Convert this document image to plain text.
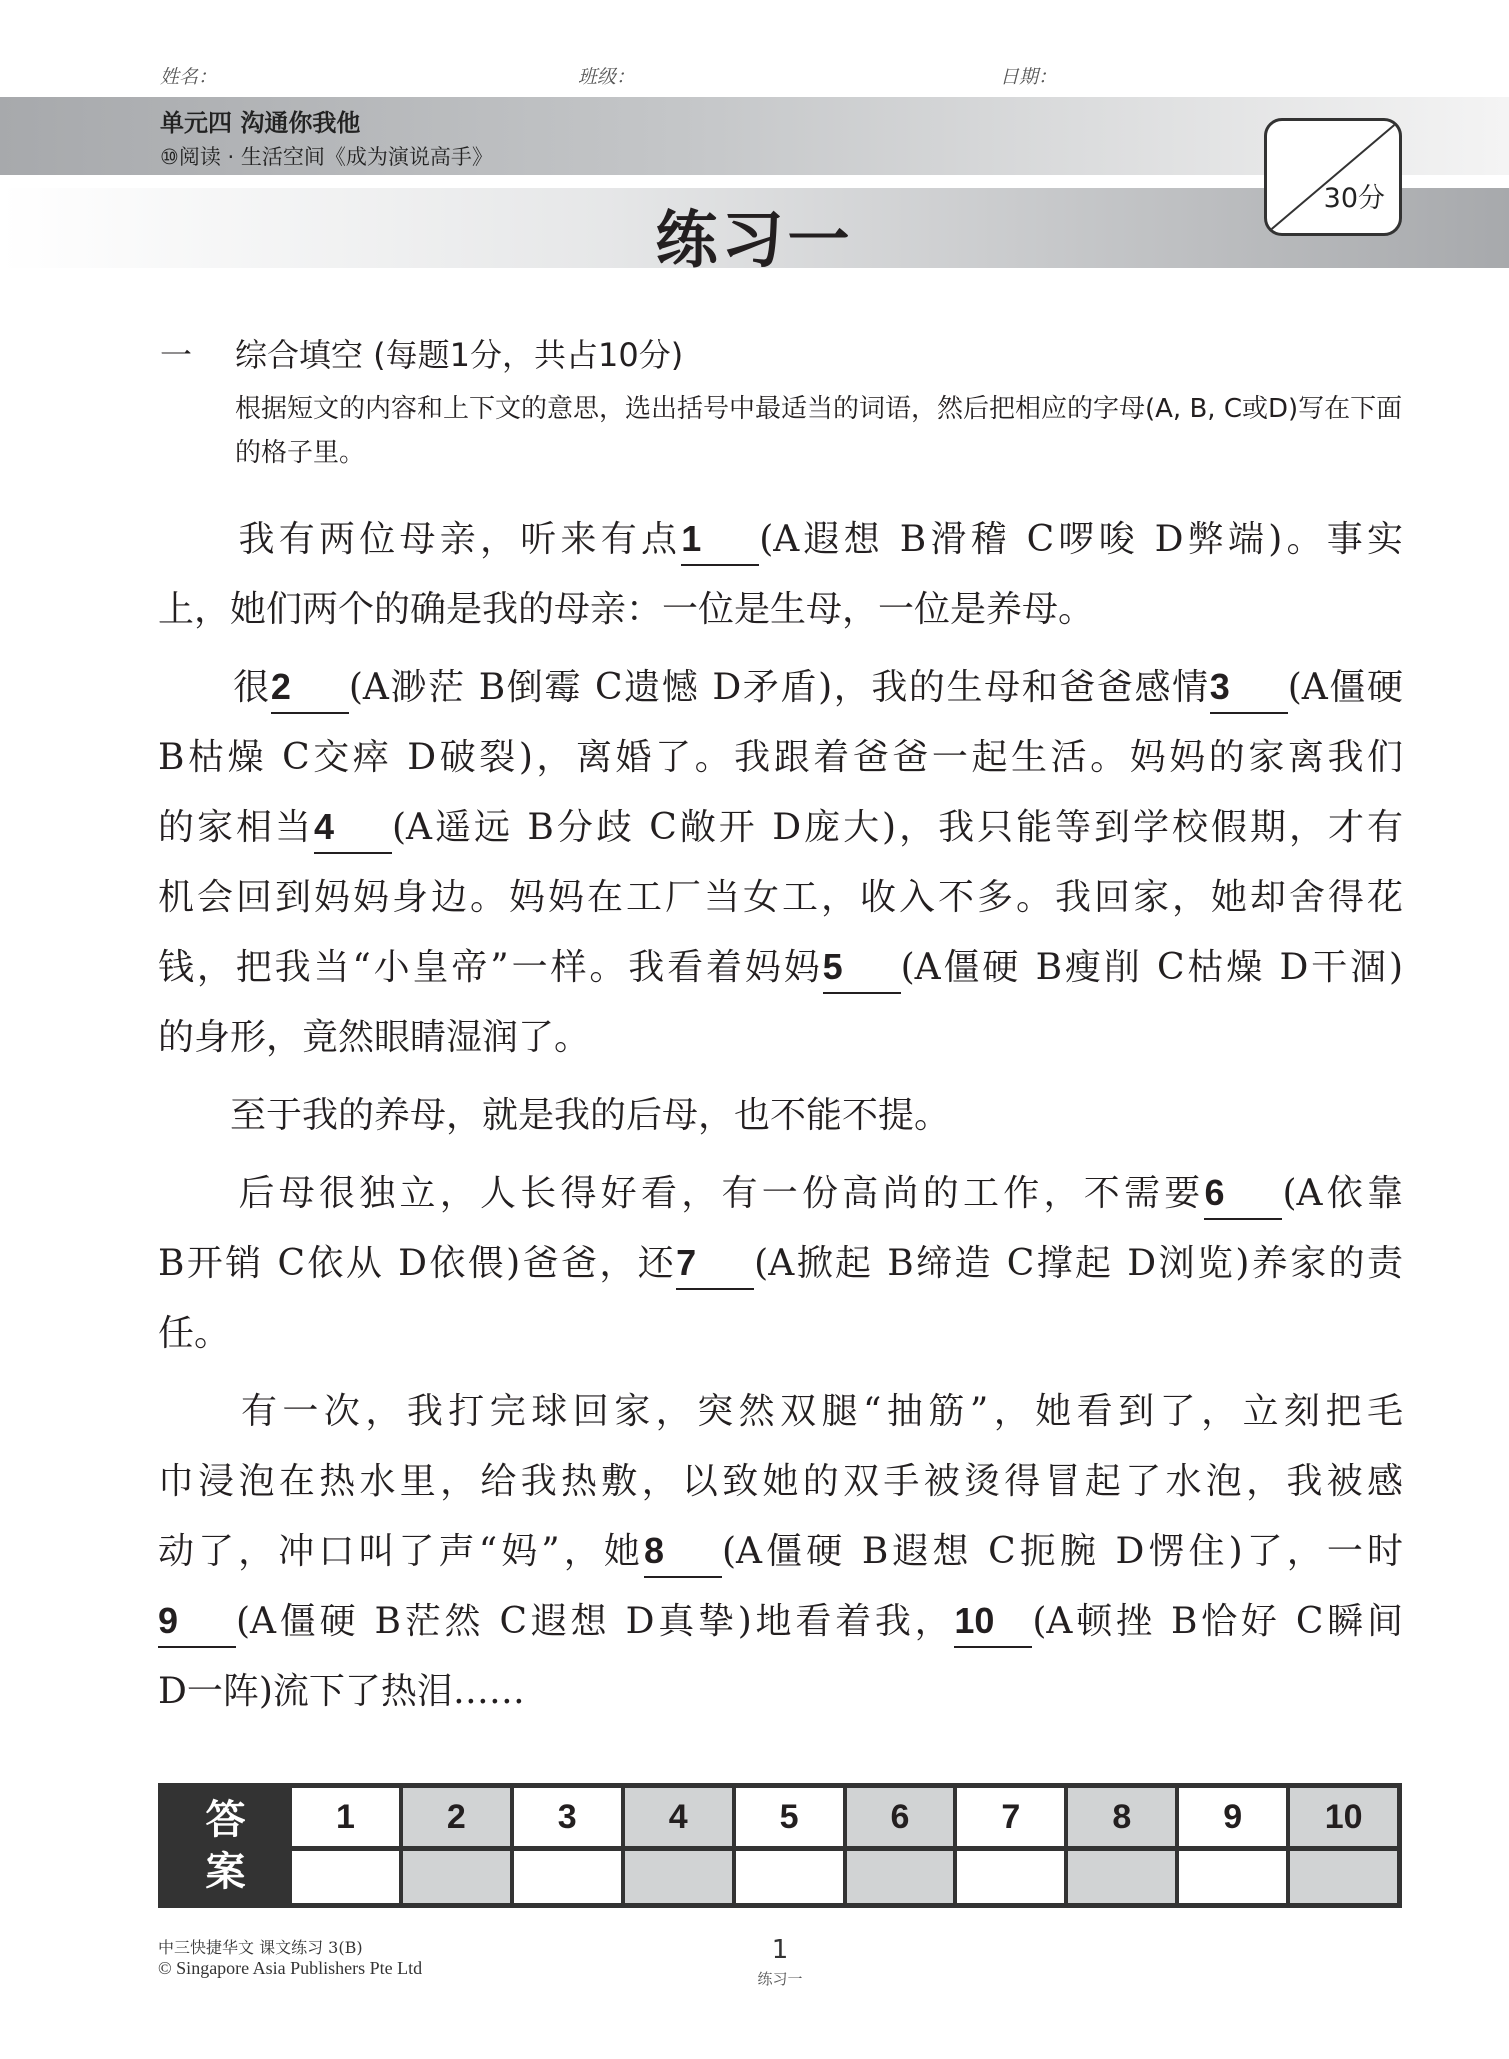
姓名：	班级：	日期：
单元四 沟通你我他
⑩阅读 · 生活空间《成为演说高手》
练习一
30分
一 综合填空 (每题1分，共占10分)
根据短文的内容和上下文的意思，选出括号中最适当的词语，然后把相应的字母(A, B, C或D)写在下面的格子里。
　　我有两位母亲，听来有点1 (A遐想 B滑稽 C啰唆 D弊端)。事实
上，她们两个的确是我的母亲：一位是生母，一位是养母。
　　很2 (A渺茫 B倒霉 C遗憾 D矛盾)，我的生母和爸爸感情3 (A僵硬
B枯燥 C交瘁 D破裂)，离婚了。我跟着爸爸一起生活。妈妈的家离我们
的家相当4 (A遥远 B分歧 C敞开 D庞大)，我只能等到学校假期，才有
机会回到妈妈身边。妈妈在工厂当女工，收入不多。我回家，她却舍得花
钱，把我当“小皇帝”一样。我看着妈妈5 (A僵硬 B瘦削 C枯燥 D干涸)
的身形，竟然眼睛湿润了。
　　至于我的养母，就是我的后母，也不能不提。
　　后母很独立，人长得好看，有一份高尚的工作，不需要6 (A依靠
B开销 C依从 D依偎)爸爸，还7 (A掀起 B缔造 C撑起 D浏览)养家的责
任。
　　有一次，我打完球回家，突然双腿“抽筋”，她看到了，立刻把毛
巾浸泡在热水里，给我热敷，以致她的双手被烫得冒起了水泡，我被感
动了，冲口叫了声“妈”，她8 (A僵硬 B遐想 C扼腕 D愣住)了，一时
9 (A僵硬 B茫然 C遐想 D真挚)地看着我，10 (A顿挫 B恰好 C瞬间
D一阵)流下了热泪……
答
案
1	2	3	4	5	6	7	8	9	10
中三快捷华文 课文练习 3(B)
© Singapore Asia Publishers Pte Ltd
1
练习一
